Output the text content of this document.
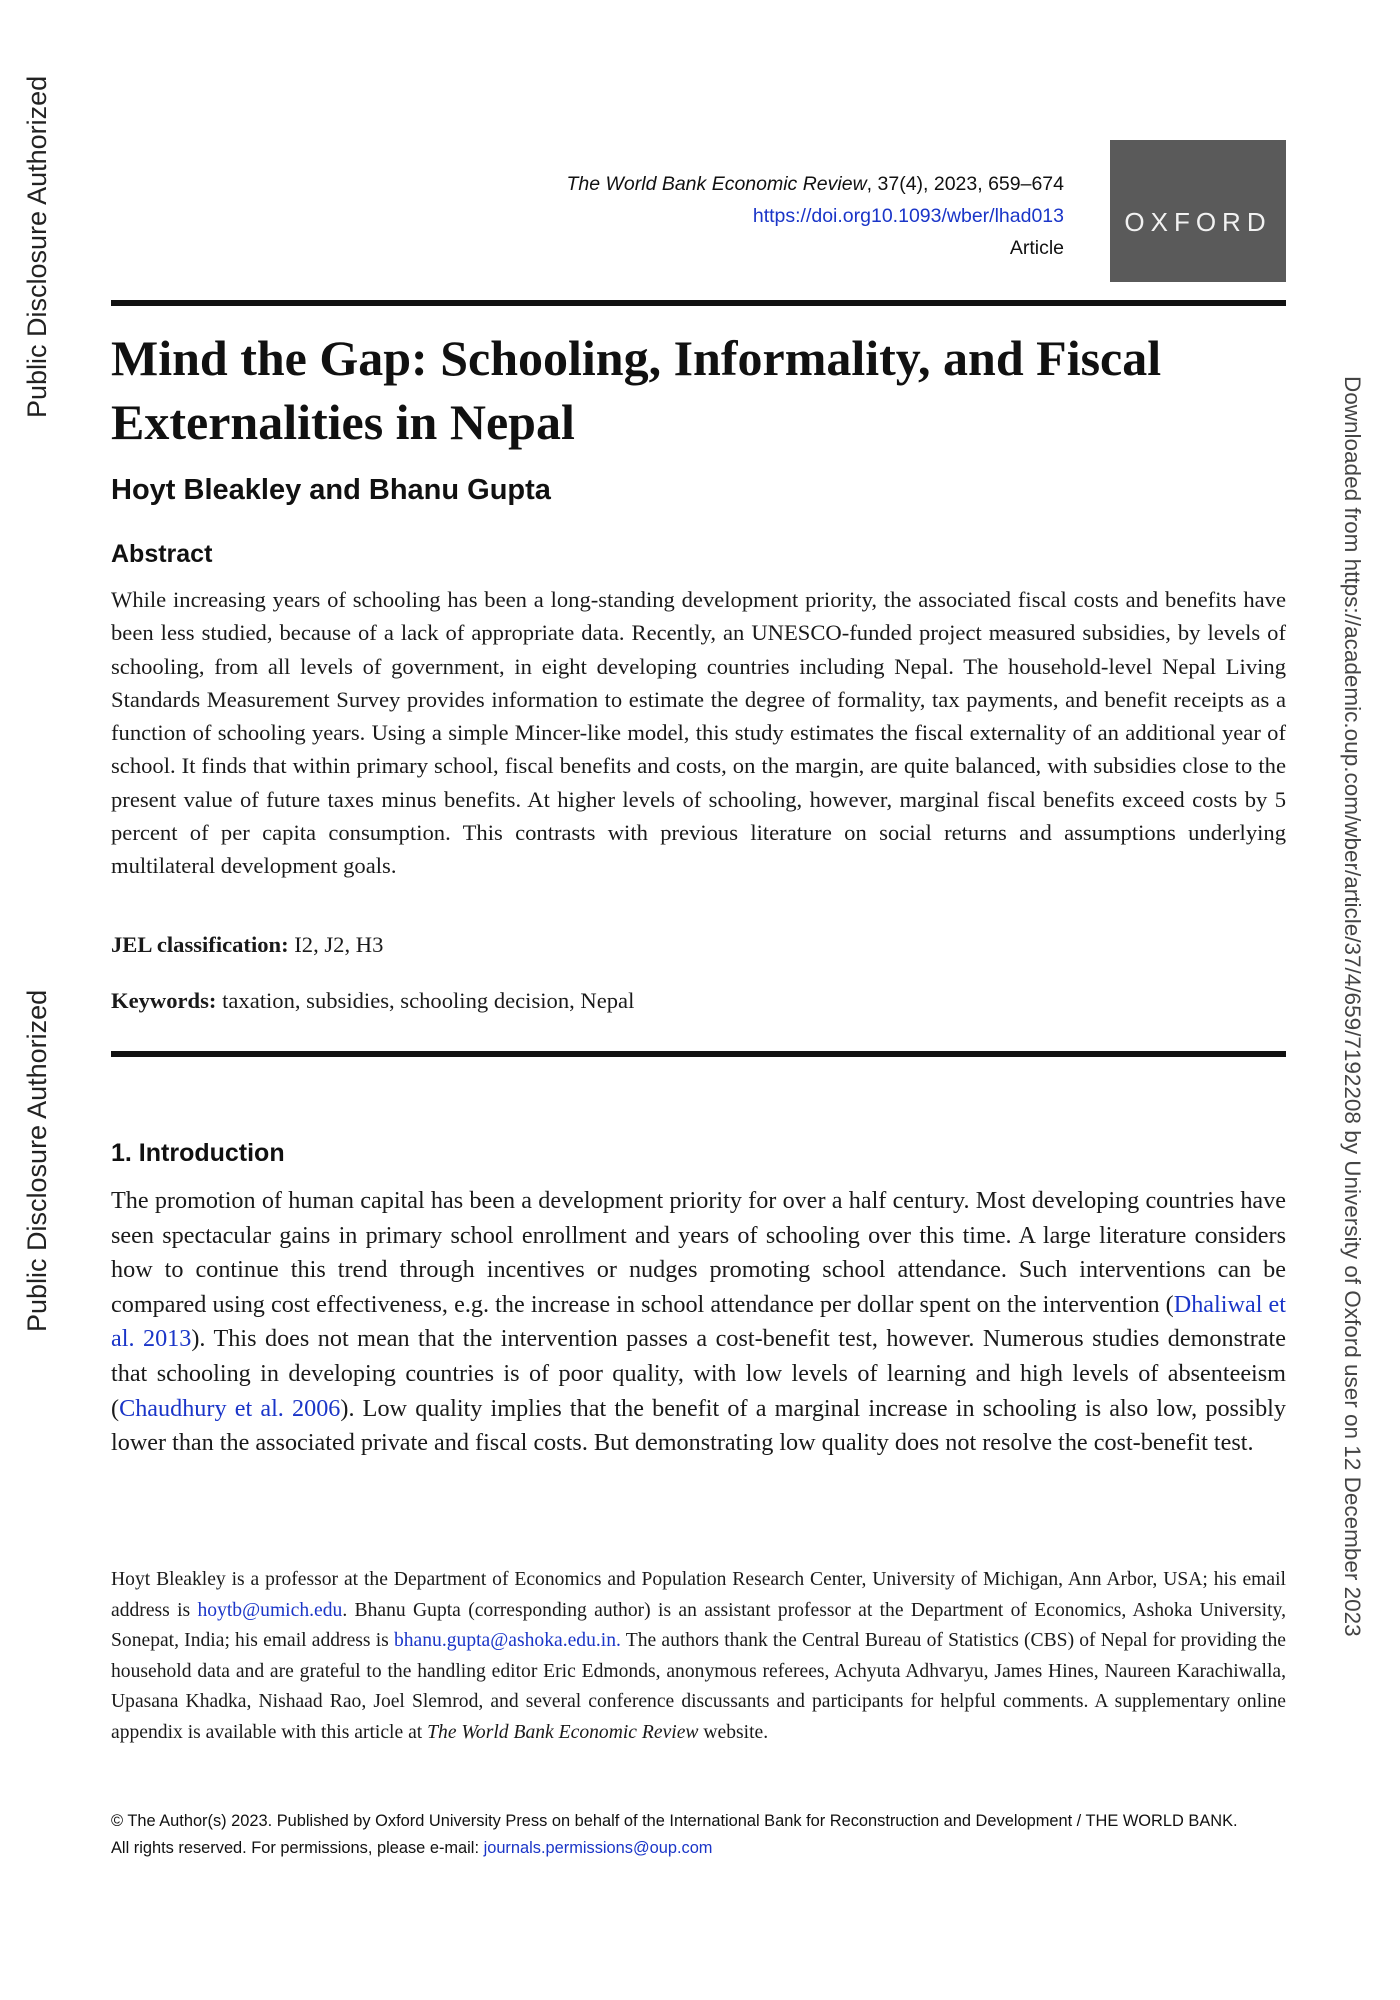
Public Disclosure Authorized
Public Disclosure Authorized	Downloaded from https://academic.oup.com/wber/article/37/4/659/7192208 by University of Oxford user on 12 December 2023
The World Bank Economic Review, 37(4), 2023, 659–674
https://doi.org10.1093/wber/lhad013
Article
OXFORD
Mind the Gap: Schooling, Informality, and Fiscal Externalities in Nepal
Hoyt Bleakley and Bhanu Gupta
Abstract

While increasing years of schooling has been a long-standing development priority, the associated fiscal costs and benefits have been less studied, because of a lack of appropriate data. Recently, an UNESCO-funded project measured subsidies, by levels of schooling, from all levels of government, in eight developing countries including Nepal. The household-level Nepal Living Standards Measurement Survey provides information to estimate the degree of formality, tax payments, and benefit receipts as a function of schooling years. Using a simple Mincer-like model, this study estimates the fiscal externality of an additional year of school. It finds that within primary school, fiscal benefits and costs, on the margin, are quite balanced, with subsidies close to the present value of future taxes minus benefits. At higher levels of schooling, however, marginal fiscal benefits exceed costs by 5 percent of per capita consumption. This contrasts with previous literature on social returns and assumptions underlying multilateral development goals.

JEL classification: I2, J2, H3

Keywords: taxation, subsidies, schooling decision, Nepal

1. Introduction

The promotion of human capital has been a development priority for over a half century. Most developing countries have seen spectacular gains in primary school enrollment and years of schooling over this time. A large literature considers how to continue this trend through incentives or nudges promoting school attendance. Such interventions can be compared using cost effectiveness, e.g. the increase in school attendance per dollar spent on the intervention (Dhaliwal et al. 2013). This does not mean that the intervention passes a cost-benefit test, however. Numerous studies demonstrate that schooling in developing countries is of poor quality, with low levels of learning and high levels of absenteeism (Chaudhury et al. 2006). Low quality implies that the benefit of a marginal increase in schooling is also low, possibly lower than the associated private and fiscal costs. But demonstrating low quality does not resolve the cost-benefit test.

Hoyt Bleakley is a professor at the Department of Economics and Population Research Center, University of Michigan, Ann Arbor, USA; his email address is hoytb@umich.edu. Bhanu Gupta (corresponding author) is an assistant professor at the Department of Economics, Ashoka University, Sonepat, India; his email address is bhanu.gupta@ashoka.edu.in. The authors thank the Central Bureau of Statistics (CBS) of Nepal for providing the household data and are grateful to the handling editor Eric Edmonds, anonymous referees, Achyuta Adhvaryu, James Hines, Naureen Karachiwalla, Upasana Khadka, Nishaad Rao, Joel Slemrod, and several conference discussants and participants for helpful comments. A supplementary online appendix is available with this article at The World Bank Economic Review website.

© The Author(s) 2023. Published by Oxford University Press on behalf of the International Bank for Reconstruction and Development / THE WORLD BANK.
All rights reserved. For permissions, please e-mail: journals.permissions@oup.com
